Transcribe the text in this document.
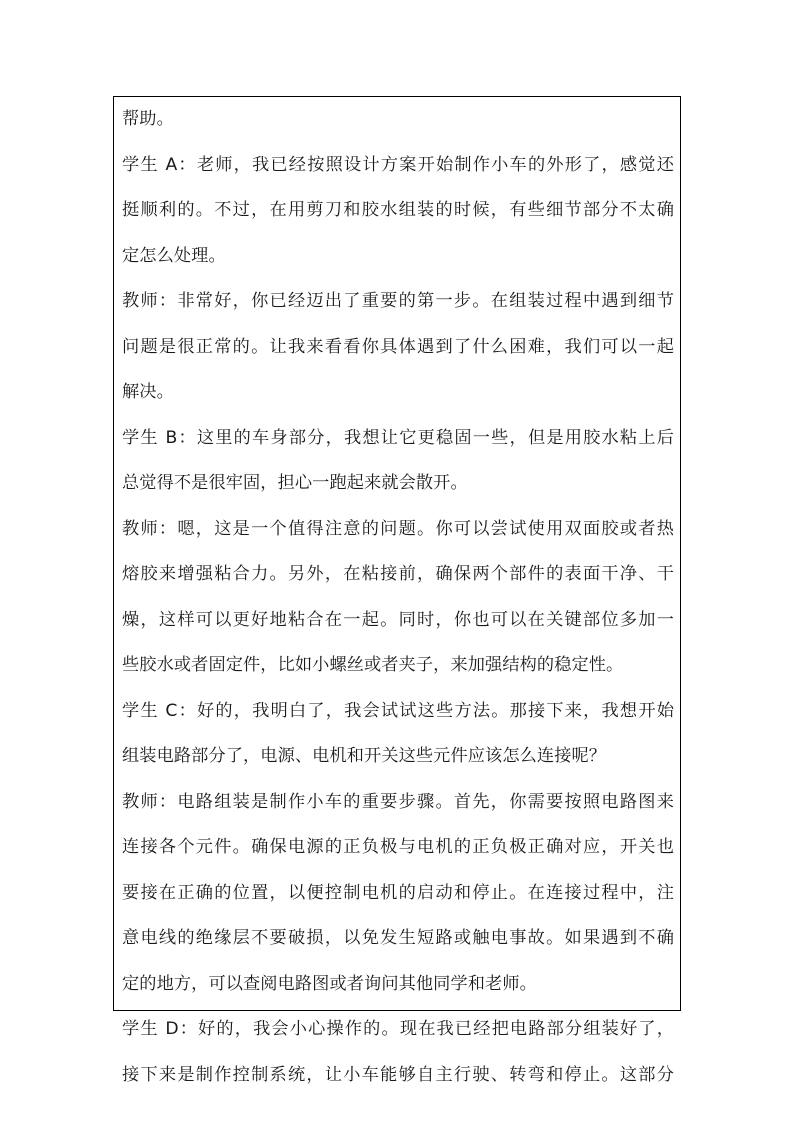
帮助。
学生 A：老师，我已经按照设计方案开始制作小车的外形了，感觉还
挺顺利的。不过，在用剪刀和胶水组装的时候，有些细节部分不太确
定怎么处理。
教师：非常好，你已经迈出了重要的第一步。在组装过程中遇到细节
问题是很正常的。让我来看看你具体遇到了什么困难，我们可以一起
解决。
学生 B：这里的车身部分，我想让它更稳固一些，但是用胶水粘上后
总觉得不是很牢固，担心一跑起来就会散开。
教师：嗯，这是一个值得注意的问题。你可以尝试使用双面胶或者热
熔胶来增强粘合力。另外，在粘接前，确保两个部件的表面干净、干
燥，这样可以更好地粘合在一起。同时，你也可以在关键部位多加一
些胶水或者固定件，比如小螺丝或者夹子，来加强结构的稳定性。
学生 C：好的，我明白了，我会试试这些方法。那接下来，我想开始
组装电路部分了，电源、电机和开关这些元件应该怎么连接呢？
教师：电路组装是制作小车的重要步骤。首先，你需要按照电路图来
连接各个元件。确保电源的正负极与电机的正负极正确对应，开关也
要接在正确的位置，以便控制电机的启动和停止。在连接过程中，注
意电线的绝缘层不要破损，以免发生短路或触电事故。如果遇到不确
定的地方，可以查阅电路图或者询问其他同学和老师。
学生 D：好的，我会小心操作的。现在我已经把电路部分组装好了，
接下来是制作控制系统，让小车能够自主行驶、转弯和停止。这部分
